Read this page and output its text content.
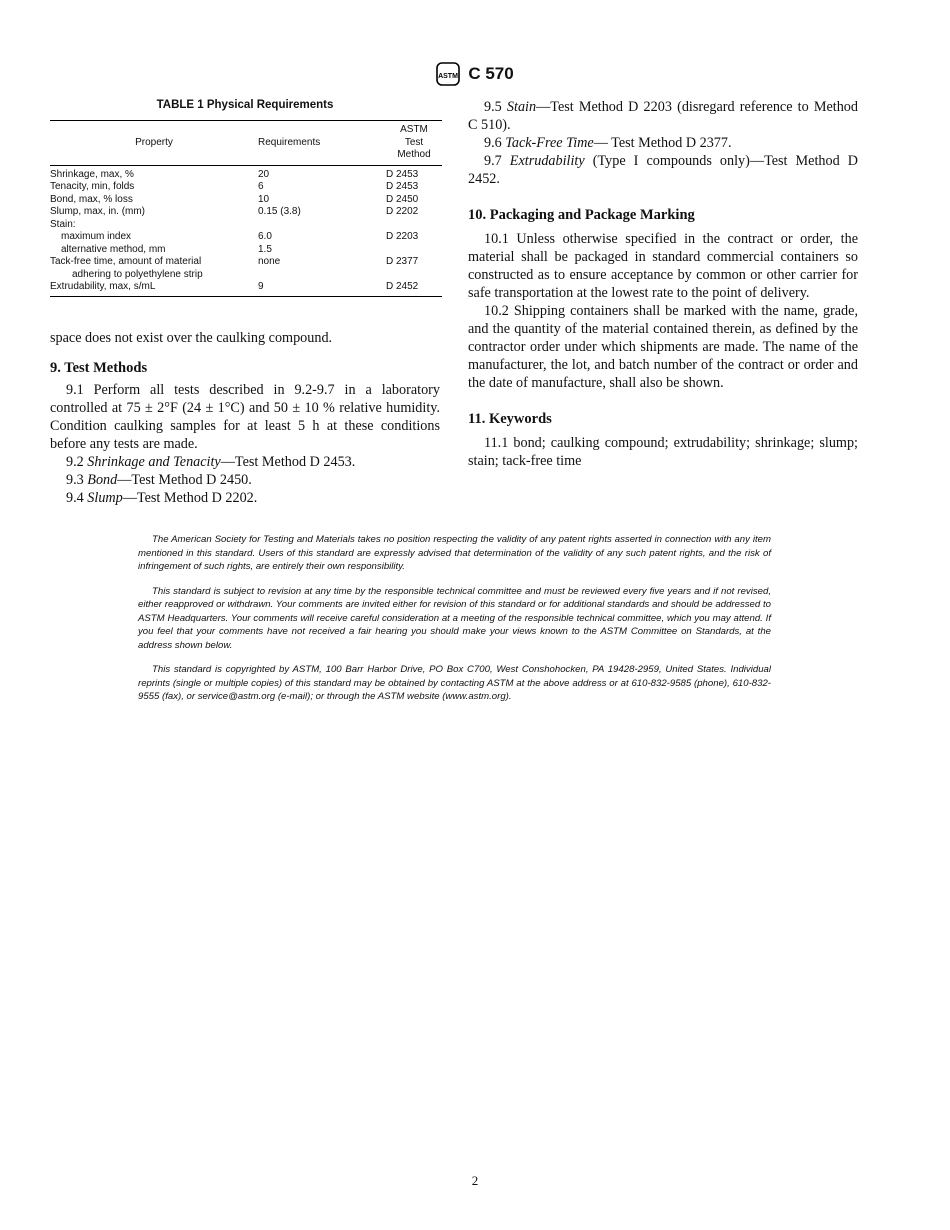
ASTM C 570
TABLE 1 Physical Requirements
Property	Requirements	ASTM Test Method
Shrinkage, max, %	20	D 2453
Tenacity, min, folds	6	D 2453
Bond, max, % loss	10	D 2450
Slump, max, in. (mm)	0.15 (3.8)	D 2202
Stain:		
maximum index	6.0	D 2203
alternative method, mm	1.5	
Tack-free time, amount of material	none	D 2377
adhering to polyethylene strip		
Extrudability, max, s/mL	9	D 2452

space does not exist over the caulking compound.

9. Test Methods

9.1 Perform all tests described in 9.2-9.7 in a laboratory controlled at 75 ± 2°F (24 ± 1°C) and 50 ± 10 % relative humidity. Condition caulking samples for at least 5 h at these conditions before any tests are made.

9.2 Shrinkage and Tenacity—Test Method D 2453.

9.3 Bond—Test Method D 2450.

9.4 Slump—Test Method D 2202.

9.5 Stain—Test Method D 2203 (disregard reference to Method C 510).

9.6 Tack-Free Time— Test Method D 2377.

9.7 Extrudability (Type I compounds only)—Test Method D 2452.

10. Packaging and Package Marking

10.1 Unless otherwise specified in the contract or order, the material shall be packaged in standard commercial containers so constructed as to ensure acceptance by common or other carrier for safe transportation at the lowest rate to the point of delivery.

10.2 Shipping containers shall be marked with the name, grade, and the quantity of the material contained therein, as defined by the contractor order under which shipments are made. The name of the manufacturer, the lot, and batch number of the contract or order and the date of manufacture, shall also be shown.

11. Keywords

11.1 bond; caulking compound; extrudability; shrinkage; slump; stain; tack-free time

The American Society for Testing and Materials takes no position respecting the validity of any patent rights asserted in connection with any item mentioned in this standard. Users of this standard are expressly advised that determination of the validity of any such patent rights, and the risk of infringement of such rights, are entirely their own responsibility.

This standard is subject to revision at any time by the responsible technical committee and must be reviewed every five years and if not revised, either reapproved or withdrawn. Your comments are invited either for revision of this standard or for additional standards and should be addressed to ASTM Headquarters. Your comments will receive careful consideration at a meeting of the responsible technical committee, which you may attend. If you feel that your comments have not received a fair hearing you should make your views known to the ASTM Committee on Standards, at the address shown below.

This standard is copyrighted by ASTM, 100 Barr Harbor Drive, PO Box C700, West Conshohocken, PA 19428-2959, United States. Individual reprints (single or multiple copies) of this standard may be obtained by contacting ASTM at the above address or at 610-832-9585 (phone), 610-832-9555 (fax), or service@astm.org (e-mail); or through the ASTM website (www.astm.org).

2
